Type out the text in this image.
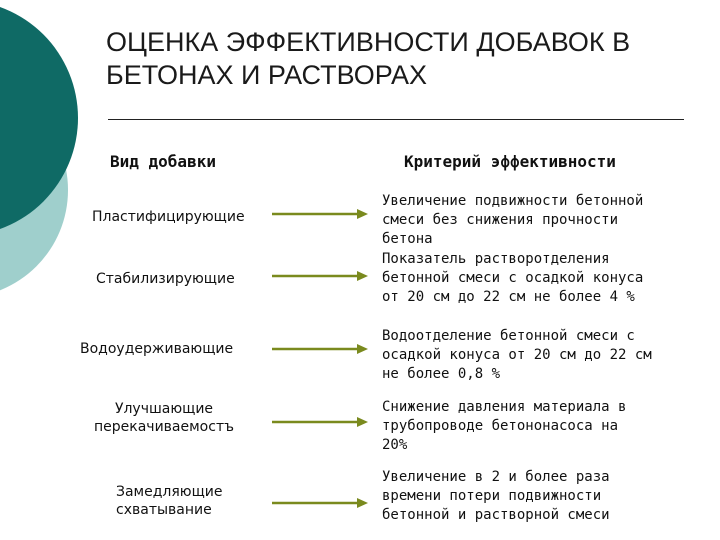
ОЦЕНКА ЭФФЕКТИВНОСТИ ДОБАВОК В
БЕТОНАХ И РАСТВОРАХ
Вид добавки	Критерий эффективности
Пластифицирующие
Стабилизирующие
Водоудерживающие
Улучшающие
перекачиваемостъ
Замедляющие
схватывание
Увеличение подвижности бетонной
смеси без снижения прочности
бетона
Показатель растворотделения
бетонной смеси с осадкой конуса
от 20 см до 22 см не более 4 %
Водоотделение бетонной смеси с
осадкой конуса от 20 см до 22 см
не более 0,8 %
Снижение давления материала в
трубопроводе бетононасоса на
20%
Увеличение в 2 и более раза
времени потери подвижности
бетонной и растворной смеси
